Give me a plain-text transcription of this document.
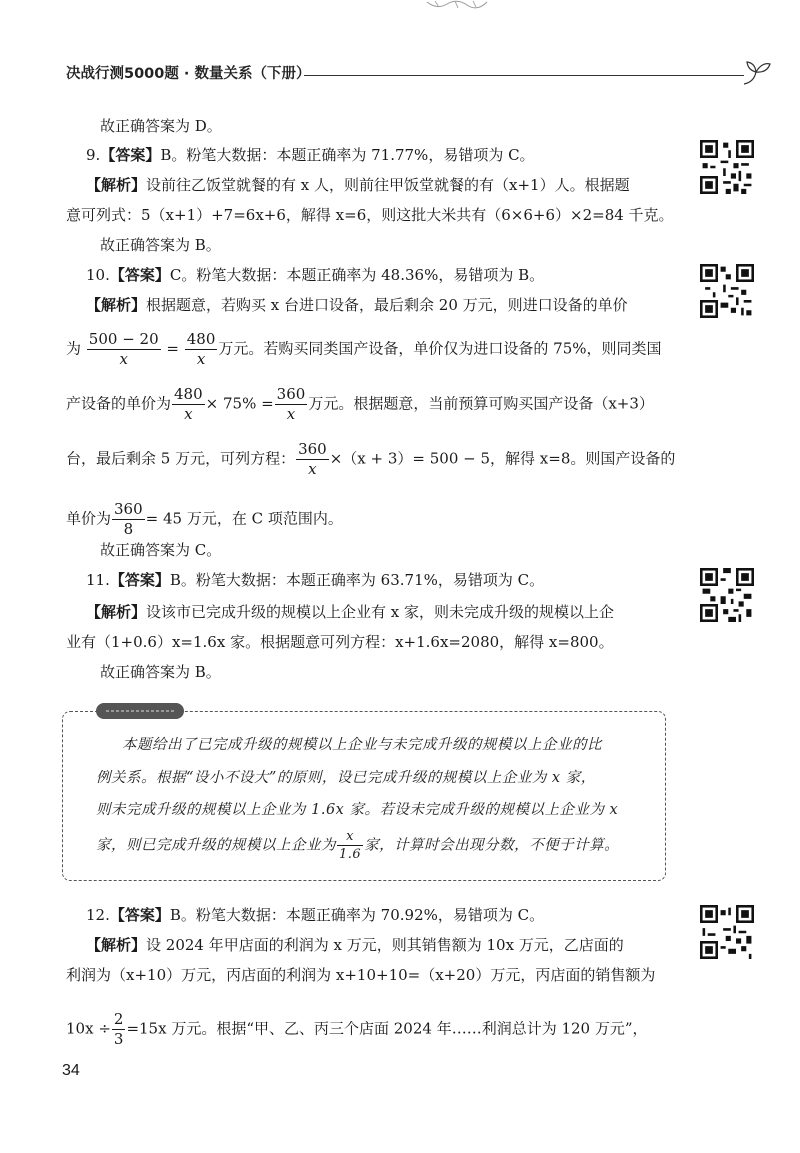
决战行测5000题 · 数量关系（下册）
故正确答案为 D。
9.【答案】B。粉笔大数据：本题正确率为 71.77%，易错项为 C。
【解析】设前往乙饭堂就餐的有 x 人，则前往甲饭堂就餐的有（x+1）人。根据题
意可列式：5（x+1）+7=6x+6，解得 x=6，则这批大米共有（6×6+6）×2=84 千克。
故正确答案为 B。
10.【答案】C。粉笔大数据：本题正确率为 48.36%，易错项为 B。
【解析】根据题意，若购买 x 台进口设备，最后剩余 20 万元，则进口设备的单价
为 $\frac{500 - 20}{x} = \frac{480}{x}$ 万元。若购买同类国产设备，单价仅为进口设备的 75%，则同类国
产设备的单价为 $\frac{480}{x} \times 75\% = \frac{360}{x}$ 万元。根据题意，当前预算可购买国产设备（x+3）
台，最后剩余 5 万元，可列方程： $\frac{360}{x} \times(x + 3)= 500 - 5$，解得 x=8。则国产设备的
单价为 $\frac{360}{8} = 45$ 万元，在 C 项范围内。
故正确答案为 C。
11.【答案】B。粉笔大数据：本题正确率为 63.71%，易错项为 C。
【解析】设该市已完成升级的规模以上企业有 x 家，则未完成升级的规模以上企
业有（1+0.6）x=1.6x 家。根据题意可列方程：x+1.6x=2080，解得 x=800。
故正确答案为 B。
本题给出了已完成升级的规模以上企业与未完成升级的规模以上企业的比
例关系。根据“设小不设大”的原则，设已完成升级的规模以上企业为 x 家，
则未完成升级的规模以上企业为 1.6x 家。若设未完成升级的规模以上企业为 x
家，则已完成升级的规模以上企业为 $\frac{x}{1.6}$ 家，计算时会出现分数，不便于计算。
12.【答案】B。粉笔大数据：本题正确率为 70.92%，易错项为 C。
【解析】设 2024 年甲店面的利润为 x 万元，则其销售额为 10x 万元，乙店面的
利润为（x+10）万元，丙店面的利润为 x+10+10=（x+20）万元，丙店面的销售额为
$10x \div \frac{2}{3} =15x$ 万元。根据“甲、乙、丙三个店面 2024 年……利润总计为 120 万元”，
34
